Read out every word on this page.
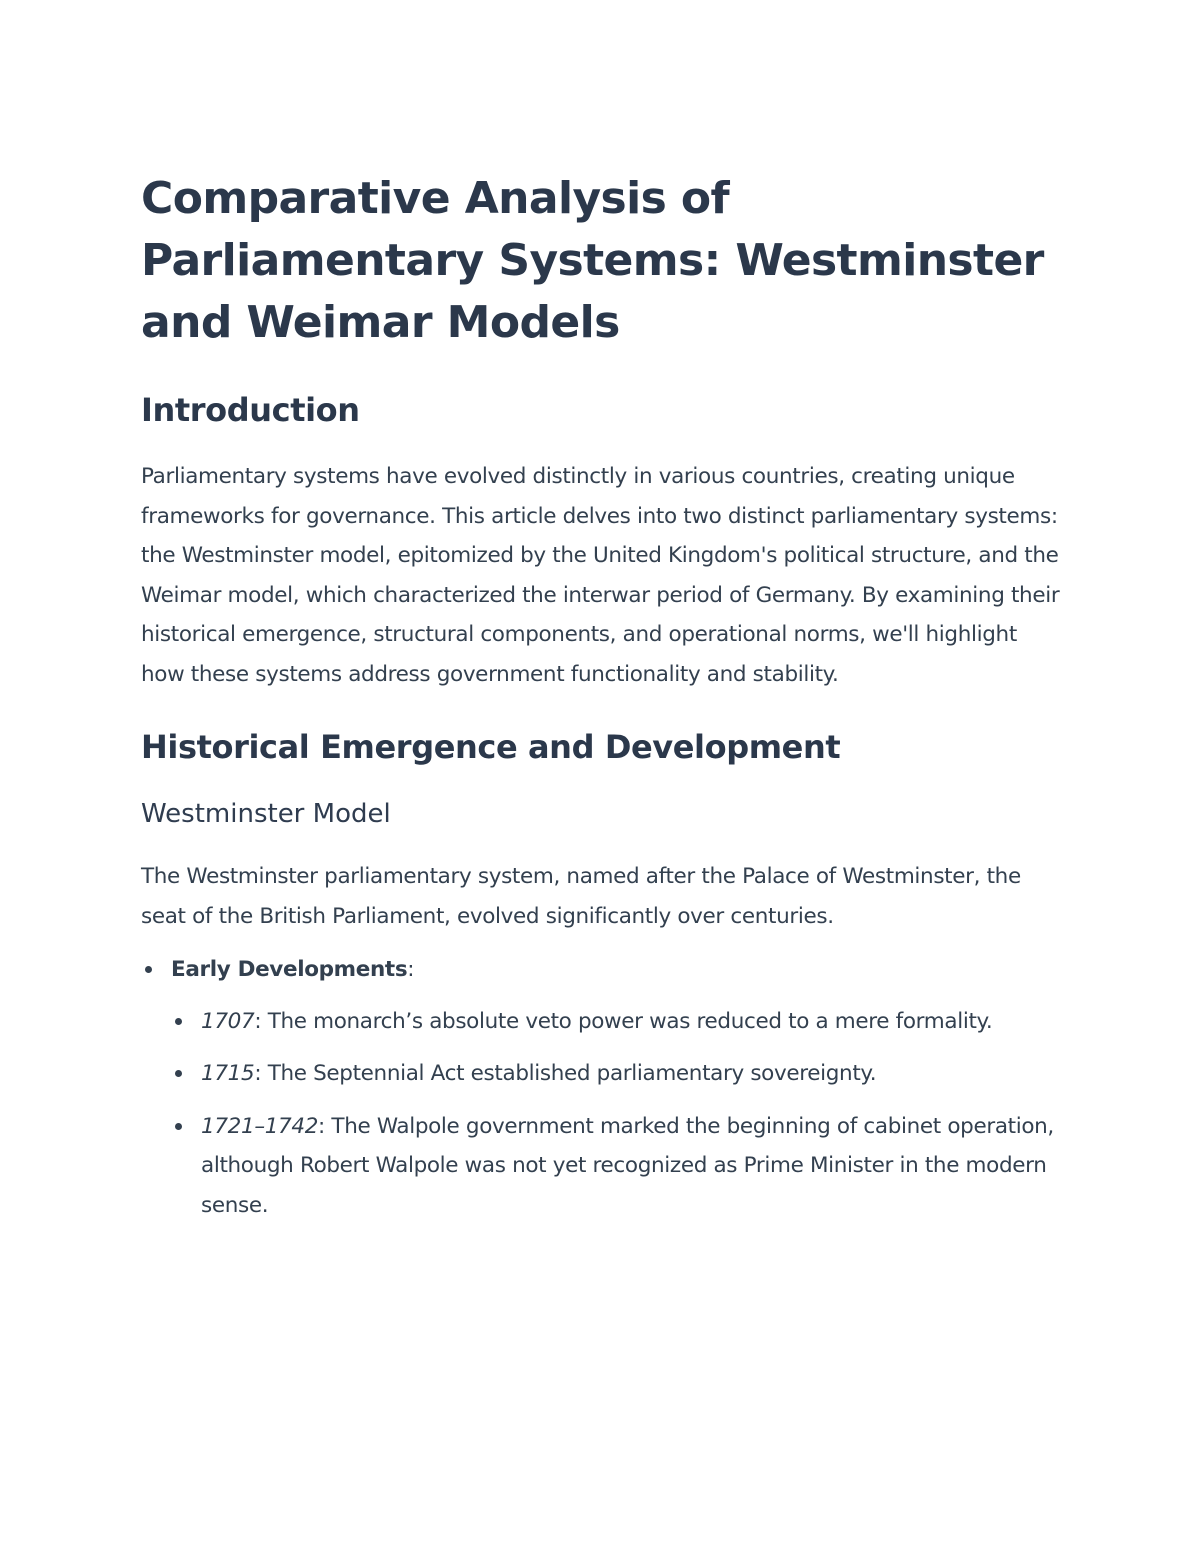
Comparative Analysis of Parliamentary Systems: Westminster and Weimar Models
Introduction

Parliamentary systems have evolved distinctly in various countries, creating unique frameworks for governance. This article delves into two distinct parliamentary systems: the Westminster model, epitomized by the United Kingdom's political structure, and the Weimar model, which characterized the interwar period of Germany. By examining their historical emergence, structural components, and operational norms, we'll highlight how these systems address government functionality and stability.

Historical Emergence and Development
Westminster Model

The Westminster parliamentary system, named after the Palace of Westminster, the seat of the British Parliament, evolved significantly over centuries.

Early Developments:
1707: The monarch’s absolute veto power was reduced to a mere formality.
1715: The Septennial Act established parliamentary sovereignty.
1721–1742: The Walpole government marked the beginning of cabinet operation, although Robert Walpole was not yet recognized as Prime Minister in the modern sense.
